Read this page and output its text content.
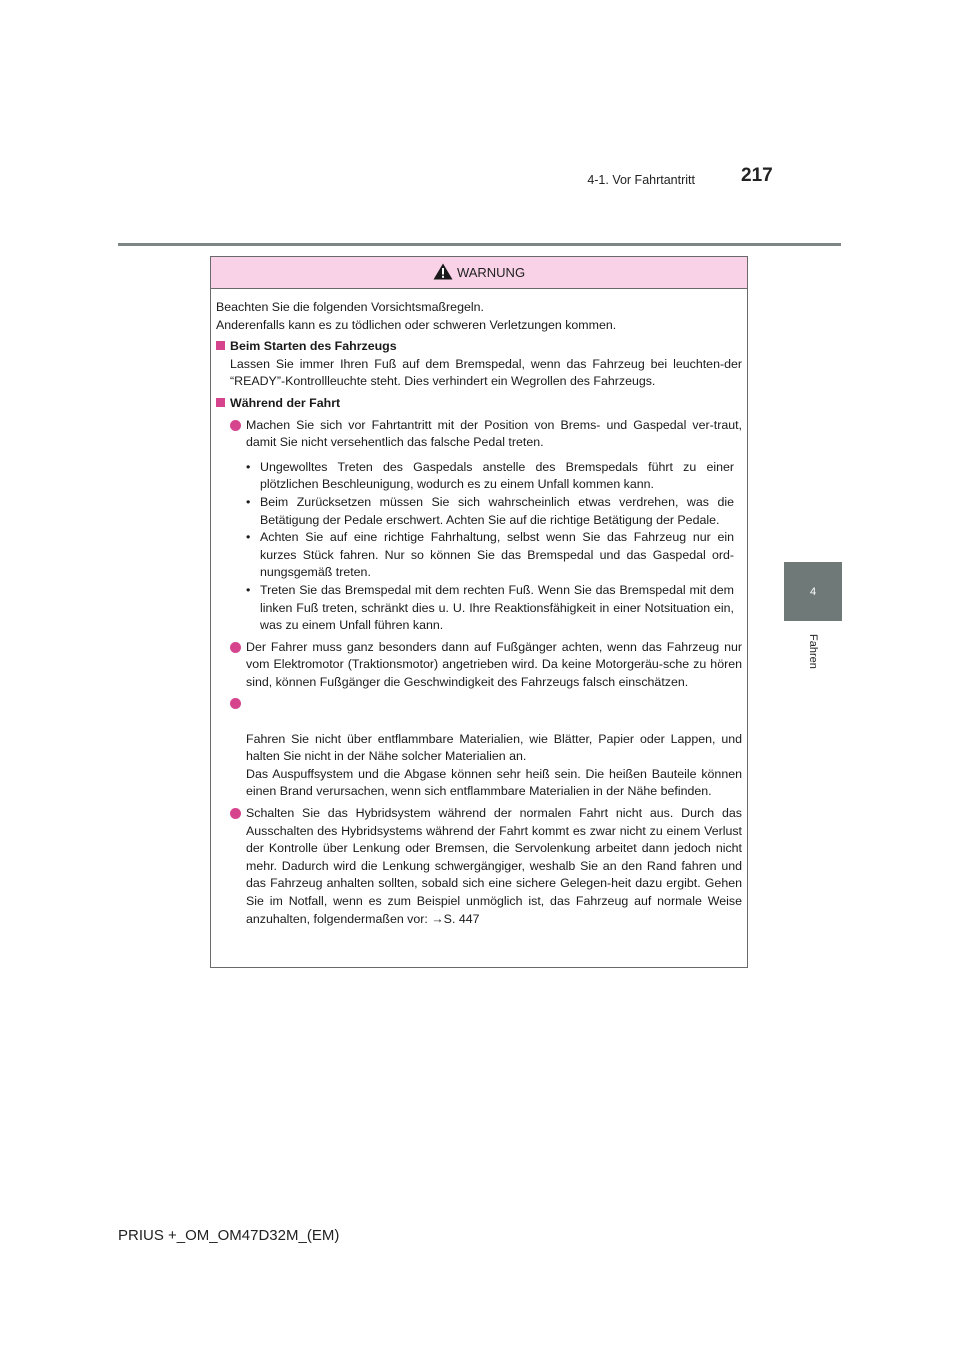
4-1. Vor Fahrtantritt 217
4
Fahren
WARNUNG

Beachten Sie die folgenden Vorsichtsmaßregeln.
Anderenfalls kann es zu tödlichen oder schweren Verletzungen kommen.

Beim Starten des Fahrzeugs

Lassen Sie immer Ihren Fuß auf dem Bremspedal, wenn das Fahrzeug bei leuchten-der “READY”-Kontrollleuchte steht. Dies verhindert ein Wegrollen des Fahrzeugs.

Während der Fahrt

Machen Sie sich vor Fahrtantritt mit der Position von Brems- und Gaspedal ver-traut, damit Sie nicht versehentlich das falsche Pedal treten.

• Ungewolltes Treten des Gaspedals anstelle des Bremspedals führt zu einer plötzlichen Beschleunigung, wodurch es zu einem Unfall kommen kann.

• Beim Zurücksetzen müssen Sie sich wahrscheinlich etwas verdrehen, was die Betätigung der Pedale erschwert. Achten Sie auf die richtige Betätigung der Pedale.

• Achten Sie auf eine richtige Fahrhaltung, selbst wenn Sie das Fahrzeug nur ein kurzes Stück fahren. Nur so können Sie das Bremspedal und das Gaspedal ord-nungsgemäß treten.

• Treten Sie das Bremspedal mit dem rechten Fuß. Wenn Sie das Bremspedal mit dem linken Fuß treten, schränkt dies u. U. Ihre Reaktionsfähigkeit in einer Notsituation ein, was zu einem Unfall führen kann.

Der Fahrer muss ganz besonders dann auf Fußgänger achten, wenn das Fahrzeug nur vom Elektromotor (Traktionsmotor) angetrieben wird. Da keine Motorgeräu-sche zu hören sind, können Fußgänger die Geschwindigkeit des Fahrzeugs falsch einschätzen.

Fahren Sie nicht über entflammbare Materialien, wie Blätter, Papier oder Lappen, und halten Sie nicht in der Nähe solcher Materialien an.
Das Auspuffsystem und die Abgase können sehr heiß sein. Die heißen Bauteile können einen Brand verursachen, wenn sich entflammbare Materialien in der Nähe befinden.

Schalten Sie das Hybridsystem während der normalen Fahrt nicht aus. Durch das Ausschalten des Hybridsystems während der Fahrt kommt es zwar nicht zu einem Verlust der Kontrolle über Lenkung oder Bremsen, die Servolenkung arbeitet dann jedoch nicht mehr. Dadurch wird die Lenkung schwergängiger, weshalb Sie an den Rand fahren und das Fahrzeug anhalten sollten, sobald sich eine sichere Gelegen-heit dazu ergibt. Gehen Sie im Notfall, wenn es zum Beispiel unmöglich ist, das Fahrzeug auf normale Weise anzuhalten, folgendermaßen vor: →S. 447

PRIUS +_OM_OM47D32M_(EM)
